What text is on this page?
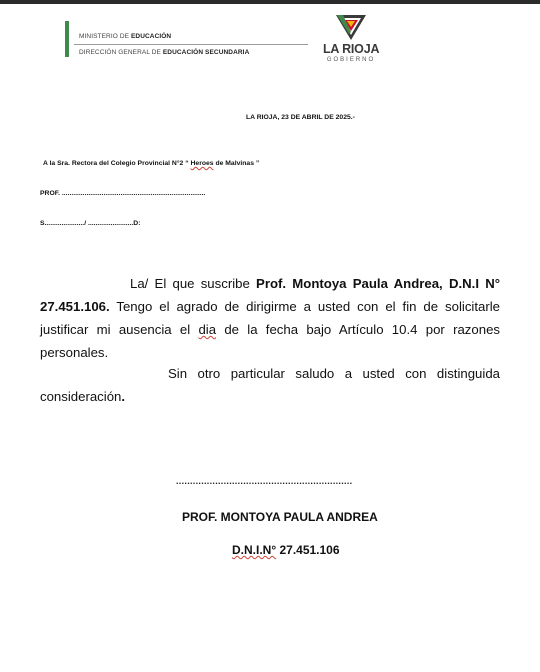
MINISTERIO DE EDUCACIÓN
DIRECCIÓN GENERAL DE EDUCACIÓN SECUNDARIA	LA RIOJA
GOBIERNO
LA RIOJA, 23 DE ABRIL DE 2025.-
A la Sra. Rectora del Colegio Provincial N°2 “ Heroes de Malvinas ”
PROF. ............................................................................
S...................../ ........................D:
La/ El que suscribe Prof. Montoya Paula Andrea, D.N.I N° 27.451.106. Tengo el agrado de dirigirme a usted con el fin de solicitarle justificar mi ausencia el dia de la fecha bajo Artículo 10.4 por razones personales.
Sin otro particular saludo a usted con distinguida consideración.
...............................................................
PROF. MONTOYA PAULA ANDREA
D.N.I.N° 27.451.106
